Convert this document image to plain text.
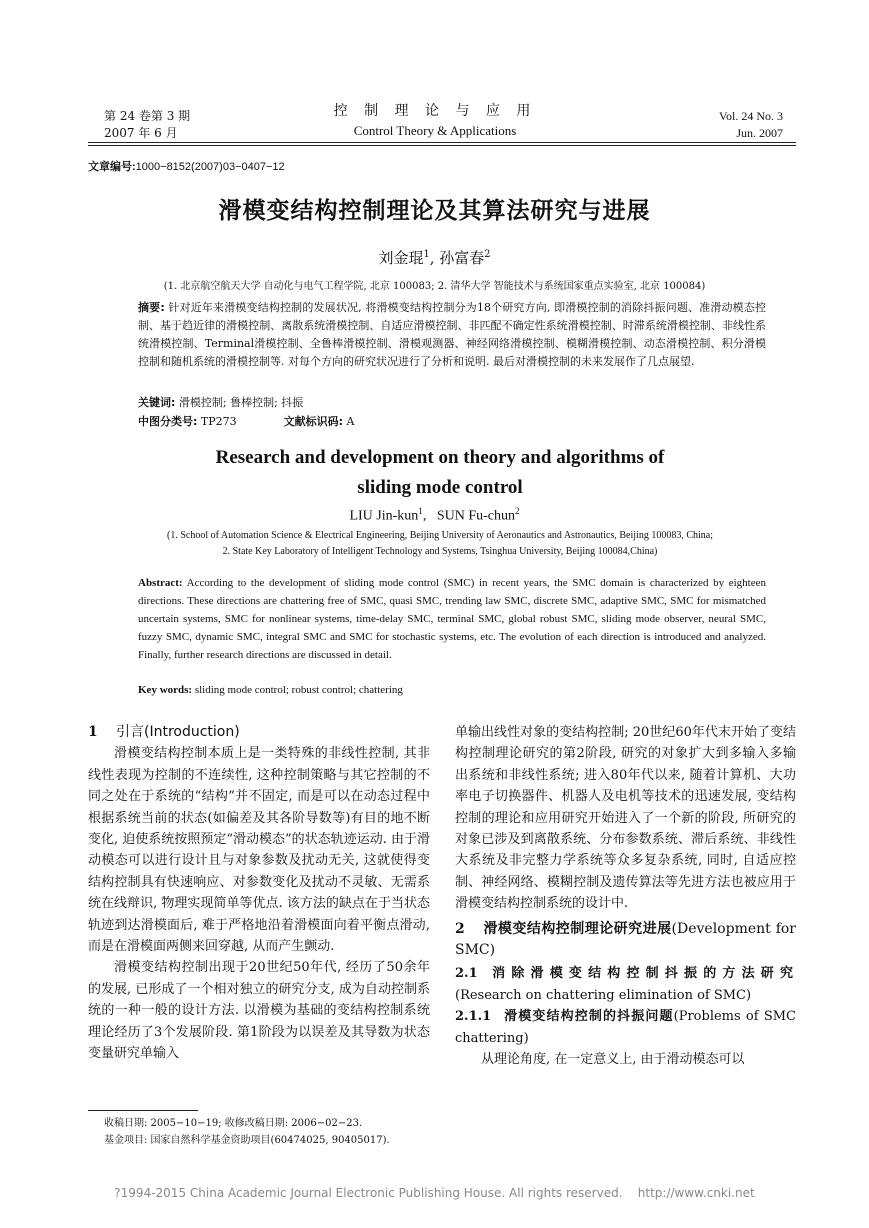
第 24 卷第 3 期
2007 年 6 月
控 制 理 论 与 应 用
Control Theory & Applications
Vol. 24 No. 3
Jun. 2007
文章编号:1000−8152(2007)03−0407−12
滑模变结构控制理论及其算法研究与进展
刘金琨$^1$, 孙富春$^2$
(1. 北京航空航天大学 自动化与电气工程学院, 北京 100083; 2. 清华大学 智能技术与系统国家重点实验室, 北京 100084)
摘要: 针对近年来滑模变结构控制的发展状况, 将滑模变结构控制分为18个研究方向, 即滑模控制的消除抖振问题、准滑动模态控制、基于趋近律的滑模控制、离散系统滑模控制、自适应滑模控制、非匹配不确定性系统滑模控制、时滞系统滑模控制、非线性系统滑模控制、Terminal滑模控制、全鲁棒滑模控制、滑模观测器、神经网络滑模控制、模糊滑模控制、动态滑模控制、积分滑模控制和随机系统的滑模控制等. 对每个方向的研究状况进行了分析和说明. 最后对滑模控制的未来发展作了几点展望.
关键词: 滑模控制; 鲁棒控制; 抖振
中图分类号: TP273	文献标识码: A
Research and development on theory and algorithms of
sliding mode control
LIU Jin-kun$^1$,   SUN Fu-chun$^2$
(1. School of Automation Science & Electrical Engineering, Beijing University of Aeronautics and Astronautics, Beijing 100083, China;
2. State Key Laboratory of Intelligent Technology and Systems, Tsinghua University, Beijing 100084,China)
Abstract: According to the development of sliding mode control (SMC) in recent years, the SMC domain is characterized by eighteen directions. These directions are chattering free of SMC, quasi SMC, trending law SMC, discrete SMC, adaptive SMC, SMC for mismatched uncertain systems, SMC for nonlinear systems, time-delay SMC, terminal SMC, global robust SMC, sliding mode observer, neural SMC, fuzzy SMC, dynamic SMC, integral SMC and SMC for stochastic systems, etc. The evolution of each direction is introduced and analyzed. Finally, further research directions are discussed in detail.
Key words: sliding mode control; robust control; chattering
1 引言(Introduction)

滑模变结构控制本质上是一类特殊的非线性控制, 其非线性表现为控制的不连续性, 这种控制策略与其它控制的不同之处在于系统的“结构”并不固定, 而是可以在动态过程中根据系统当前的状态(如偏差及其各阶导数等)有目的地不断变化, 迫使系统按照预定“滑动模态”的状态轨迹运动. 由于滑动模态可以进行设计且与对象参数及扰动无关, 这就使得变结构控制具有快速响应、对参数变化及扰动不灵敏、无需系统在线辩识, 物理实现简单等优点. 该方法的缺点在于当状态轨迹到达滑模面后, 难于严格地沿着滑模面向着平衡点滑动, 而是在滑模面两侧来回穿越, 从而产生颤动.

滑模变结构控制出现于20世纪50年代, 经历了50余年的发展, 已形成了一个相对独立的研究分支, 成为自动控制系统的一种一般的设计方法. 以滑模为基础的变结构控制系统理论经历了3个发展阶段. 第1阶段为以误差及其导数为状态变量研究单输入

单输出线性对象的变结构控制; 20世纪60年代末开始了变结构控制理论研究的第2阶段, 研究的对象扩大到多输入多输出系统和非线性系统; 进入80年代以来, 随着计算机、大功率电子切换器件、机器人及电机等技术的迅速发展, 变结构控制的理论和应用研究开始进入了一个新的阶段, 所研究的对象已涉及到离散系统、分布参数系统、滞后系统、非线性大系统及非完整力学系统等众多复杂系统, 同时, 自适应控制、神经网络、模糊控制及遗传算法等先进方法也被应用于滑模变结构控制系统的设计中.

2 滑模变结构控制理论研究进展(Development for SMC)
2.1 消除滑模变结构控制抖振的方法研究(Research on chattering elimination of SMC)
2.1.1 滑模变结构控制的抖振问题(Problems of SMC chattering)

从理论角度, 在一定意义上, 由于滑动模态可以

收稿日期: 2005−10−19; 收修改稿日期: 2006−02−23.
基金项目: 国家自然科学基金资助项目(60474025, 90405017).
?1994-2015 China Academic Journal Electronic Publishing House. All rights reserved.    http://www.cnki.net
